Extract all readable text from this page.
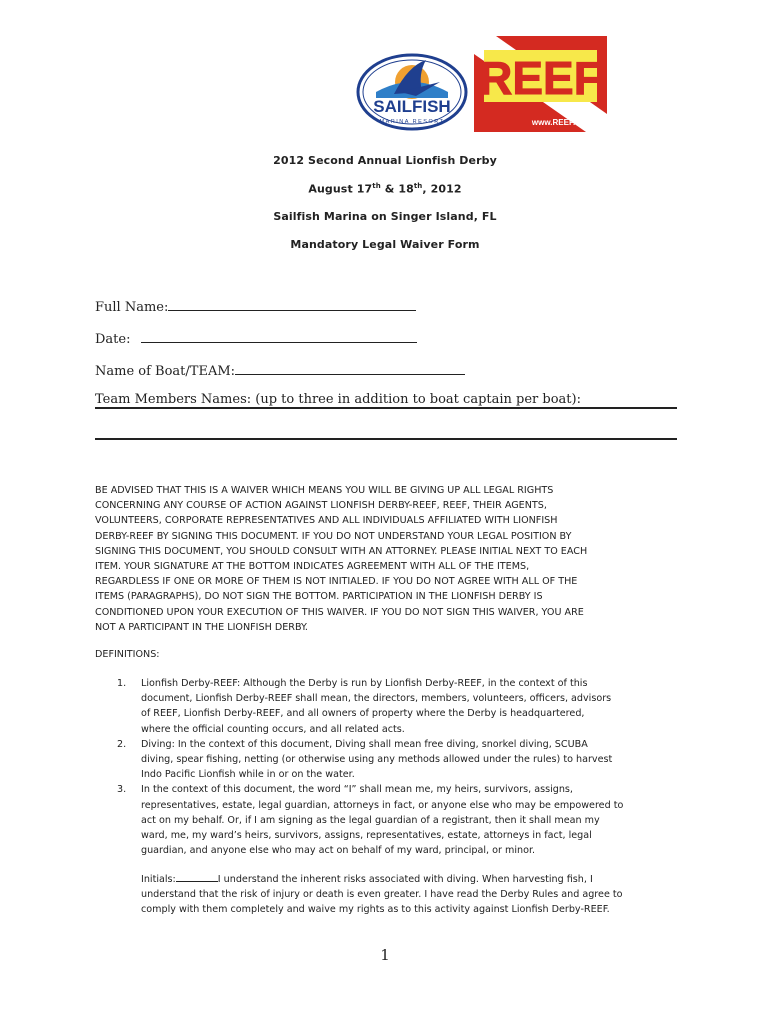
SAILFISH
MARINA RESORT
REEF
www.REEF.org
2012 Second Annual Lionfish Derby
August 17th & 18th, 2012
Sailfish Marina on Singer Island, FL
Mandatory Legal Waiver Form
Full Name:
Date:
Name of Boat/TEAM:
Team Members Names: (up to three in addition to boat captain per boat):
BE ADVISED THAT THIS IS A WAIVER WHICH MEANS YOU WILL BE GIVING UP ALL LEGAL RIGHTS
CONCERNING ANY COURSE OF ACTION AGAINST LIONFISH DERBY-REEF, REEF, THEIR AGENTS,
VOLUNTEERS, CORPORATE REPRESENTATIVES AND ALL INDIVIDUALS AFFILIATED WITH LIONFISH
DERBY-REEF BY SIGNING THIS DOCUMENT. IF YOU DO NOT UNDERSTAND YOUR LEGAL POSITION BY
SIGNING THIS DOCUMENT, YOU SHOULD CONSULT WITH AN ATTORNEY. PLEASE INITIAL NEXT TO EACH
ITEM. YOUR SIGNATURE AT THE BOTTOM INDICATES AGREEMENT WITH ALL OF THE ITEMS,
REGARDLESS IF ONE OR MORE OF THEM IS NOT INITIALED. IF YOU DO NOT AGREE WITH ALL OF THE
ITEMS (PARAGRAPHS), DO NOT SIGN THE BOTTOM. PARTICIPATION IN THE LIONFISH DERBY IS
CONDITIONED UPON YOUR EXECUTION OF THIS WAIVER. IF YOU DO NOT SIGN THIS WAIVER, YOU ARE
NOT A PARTICIPANT IN THE LIONFISH DERBY.
DEFINITIONS:
1. Lionfish Derby-REEF: Although the Derby is run by Lionfish Derby-REEF, in the context of this
document, Lionfish Derby-REEF shall mean, the directors, members, volunteers, officers, advisors
of REEF, Lionfish Derby-REEF, and all owners of property where the Derby is headquartered,
where the official counting occurs, and all related acts.
2. Diving: In the context of this document, Diving shall mean free diving, snorkel diving, SCUBA
diving, spear fishing, netting (or otherwise using any methods allowed under the rules) to harvest
Indo Pacific Lionfish while in or on the water.
3. In the context of this document, the word “I” shall mean me, my heirs, survivors, assigns,
representatives, estate, legal guardian, attorneys in fact, or anyone else who may be empowered to
act on my behalf. Or, if I am signing as the legal guardian of a registrant, then it shall mean my
ward, me, my ward’s heirs, survivors, assigns, representatives, estate, attorneys in fact, legal
guardian, and anyone else who may act on behalf of my ward, principal, or minor.
Initials:	I understand the inherent risks associated with diving. When harvesting fish, I
understand that the risk of injury or death is even greater. I have read the Derby Rules and agree to
comply with them completely and waive my rights as to this activity against Lionfish Derby-REEF.
1
